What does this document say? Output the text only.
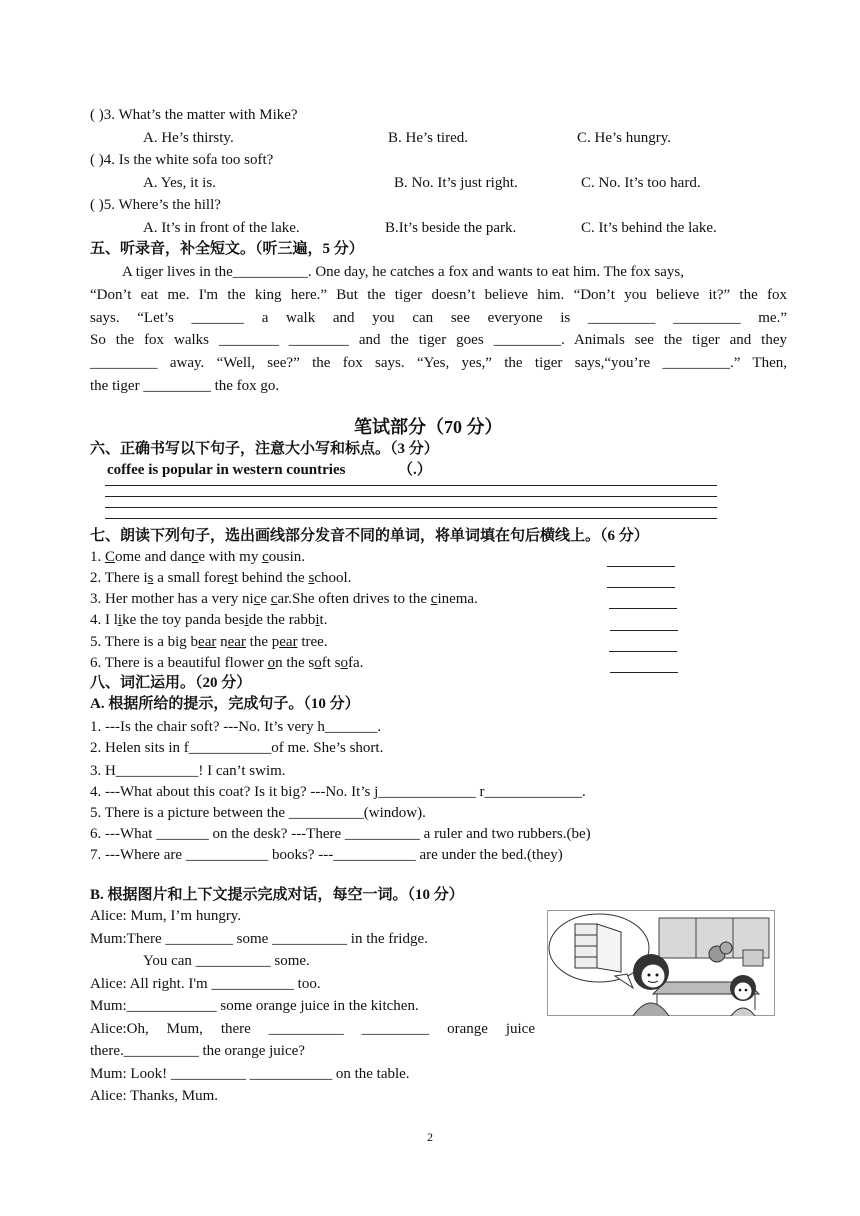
( )3. What’s the matter with Mike?
A. He’s thirsty.	B. He’s tired.	C. He’s hungry.
( )4. Is the white sofa too soft?
A. Yes, it is.	B. No. It’s just right.	C. No. It’s too hard.
( )5. Where’s the hill?
A. It’s in front of the lake.	B.It’s beside the park.	C. It’s behind the lake.
五、听录音，补全短文。（听三遍，5 分）
A tiger lives in the__________. One day, he catches a fox and wants to eat him. The fox says,
“Don’t eat me. I'm the king here.” But the tiger doesn’t believe him. “Don’t you believe it?” the fox
says. “Let’s _______ a walk and you can see everyone is _________ _________ me.”
So the fox walks ________ ________ and the tiger goes _________. Animals see the tiger and they
_________ away. “Well, see?” the fox says. “Yes, yes,” the tiger says,“you’re _________.” Then,
the tiger _________ the fox go.
笔试部分（70 分）
六、正确书写以下句子，注意大小写和标点。（3 分）
coffee is popular in western countries	（.）
七、朗读下列句子，选出画线部分发音不同的单词，将单词填在句后横线上。（6 分）
1. Come and dance with my cousin.
2. There is a small forest behind the school.
3. Her mother has a very nice car.She often drives to the cinema.
4. I like the toy panda beside the rabbit.
5. There is a big bear near the pear tree.
6. There is a beautiful flower on the soft sofa.
八、词汇运用。（20 分）
A. 根据所给的提示，完成句子。（10 分）
1. ---Is the chair soft? ---No. It’s very h_______.
2. Helen sits in f___________of me. She’s short.
3. H___________! I can’t swim.
4. ---What about this coat? Is it big? ---No. It’s j_____________ r_____________.
5. There is a picture between the __________(window).
6. ---What _______ on the desk? ---There __________ a ruler and two rubbers.(be)
7. ---Where are ___________ books? ---___________ are under the bed.(they)
B. 根据图片和上下文提示完成对话，每空一词。（10 分）
Alice: Mum, I’m hungry.
Mum:There _________ some __________ in the fridge.
You can __________ some.
Alice: All right. I'm ___________ too.
Mum:____________ some orange juice in the kitchen.
Alice:Oh, Mum, there __________ _________ orange juice
there.__________ the orange juice?
Mum: Look! __________ ___________ on the table.
Alice: Thanks, Mum.
2
